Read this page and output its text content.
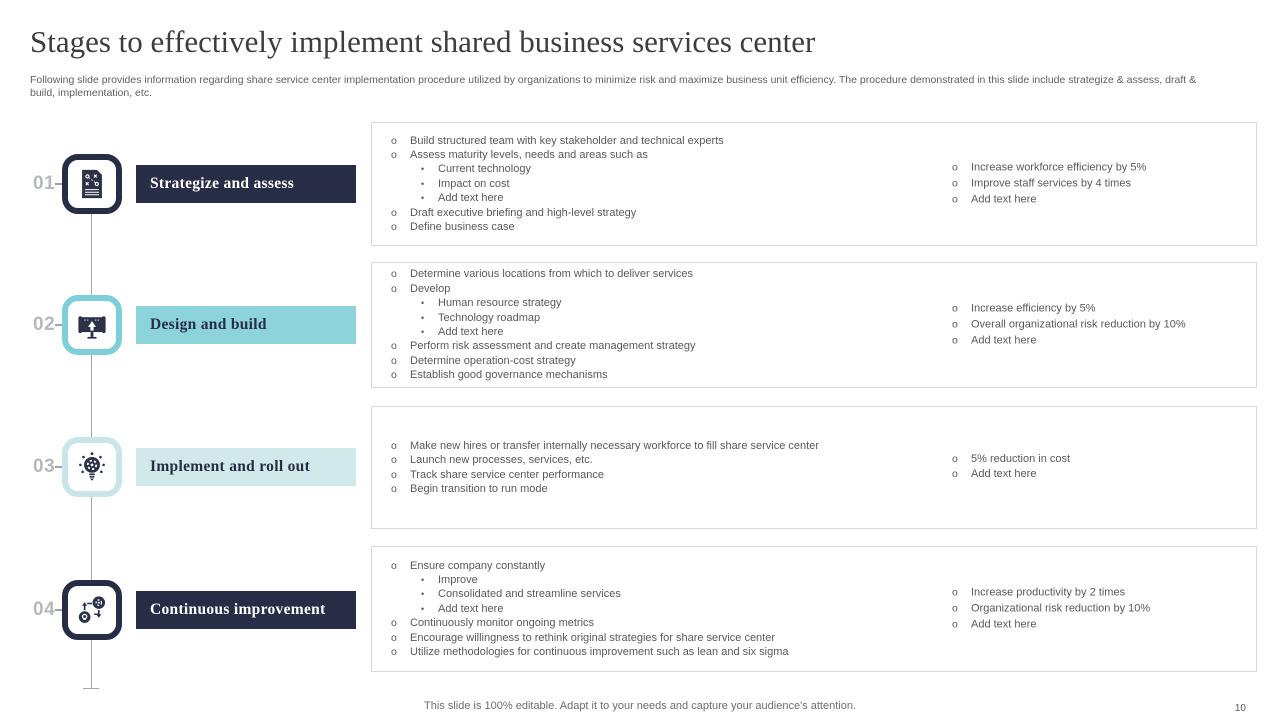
Stages to effectively implement shared business services center

Following slide provides information regarding share service center implementation procedure utilized by organizations to minimize risk and maximize business unit efficiency. The procedure demonstrated in this slide include strategize & assess, draft & build, implementation, etc.

01	Strategize and assess
o	Build structured team with key stakeholder and technical experts
o	Assess maturity levels, needs and areas such as
•	Current technology
•	Impact on cost
•	Add text here
o	Draft executive briefing and high-level strategy
o	Define business case
o	Increase workforce efficiency by 5%
o	Improve staff services by 4 times
o	Add text here
02	Design and build
o	Determine various locations from which to deliver services
o	Develop
•	Human resource strategy
•	Technology roadmap
•	Add text here
o	Perform risk assessment and create management strategy
o	Determine operation-cost strategy
o	Establish good governance mechanisms
o	Increase efficiency by 5%
o	Overall organizational risk reduction by 10%
o	Add text here
03	Implement and roll out
o	Make new hires or transfer internally necessary workforce to fill share service center
o	Launch new processes, services, etc.
o	Track share service center performance
o	Begin transition to run mode
o	5% reduction in cost
o	Add text here
04	Continuous improvement
o	Ensure company constantly
•	Improve
•	Consolidated and streamline services
•	Add text here
o	Continuously monitor ongoing metrics
o	Encourage willingness to rethink original strategies for share service center
o	Utilize methodologies for continuous improvement such as lean and six sigma
o	Increase productivity by 2 times
o	Organizational risk reduction by 10%
o	Add text here
This slide is 100% editable. Adapt it to your needs and capture your audience's attention.	10
